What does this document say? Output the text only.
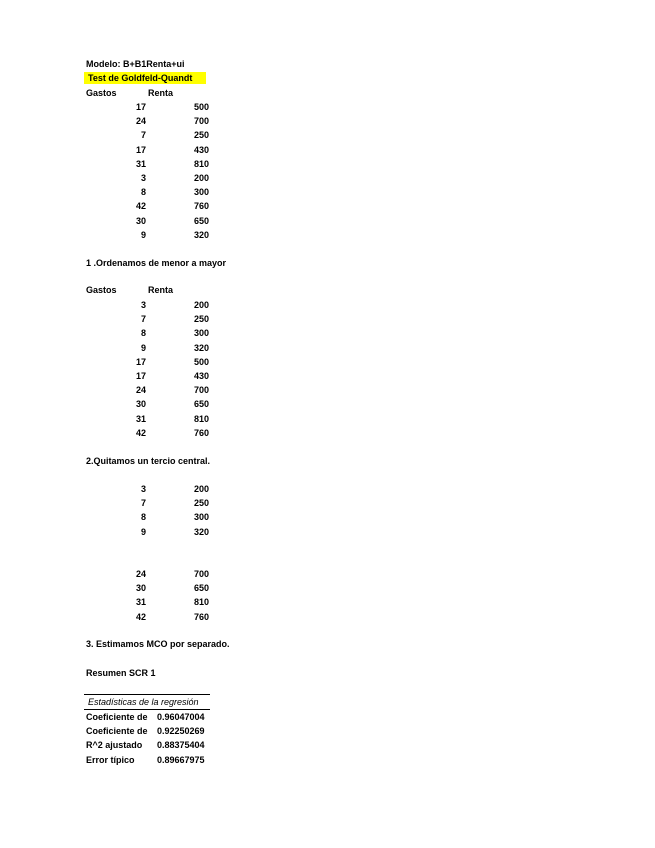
Modelo: B+B1Renta+ui
Test de Goldfeld-Quandt
Gastos	Renta
17	500
24	700
7	250
17	430
31	810
3	200
8	300
42	760
30	650
9	320
1 .Ordenamos de menor a mayor
Gastos	Renta
3	200
7	250
8	300
9	320
17	500
17	430
24	700
30	650
31	810
42	760
2.Quitamos un tercio central.
3	200
7	250
8	300
9	320
24	700
30	650
31	810
42	760
3. Estimamos MCO por separado.
Resumen SCR 1
Estadísticas de la regresión
Coeficiente de 0.96047004
Coeficiente de 0.92250269
R^2 ajustado 0.88375404
Error típico 0.89667975
